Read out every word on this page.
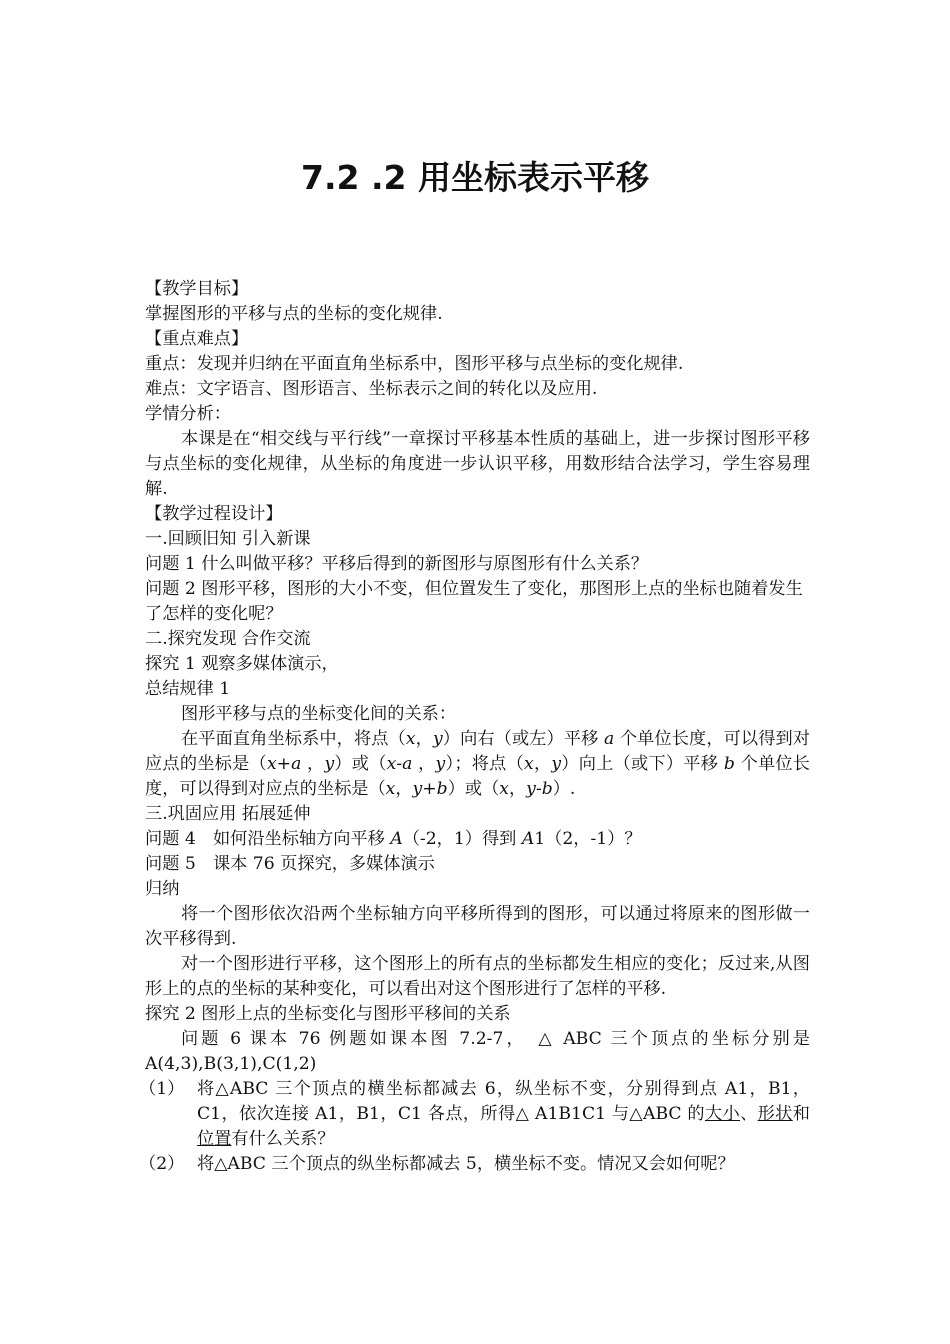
7.2 .2 用坐标表示平移

【教学目标】

掌握图形的平移与点的坐标的变化规律.

【重点难点】

重点：发现并归纳在平面直角坐标系中，图形平移与点坐标的变化规律.

难点：文字语言、图形语言、坐标表示之间的转化以及应用.

学情分析：

本课是在“相交线与平行线”一章探讨平移基本性质的基础上，进一步探讨图形平移与点坐标的变化规律，从坐标的角度进一步认识平移，用数形结合法学习，学生容易理解.

【教学过程设计】

一.回顾旧知 引入新课

问题 1 什么叫做平移？平移后得到的新图形与原图形有什么关系？

问题 2 图形平移，图形的大小不变，但位置发生了变化，那图形上点的坐标也随着发生了怎样的变化呢？

二.探究发现 合作交流

探究 1 观察多媒体演示，

总结规律 1

图形平移与点的坐标变化间的关系：

在平面直角坐标系中，将点（x，y）向右（或左）平移 a 个单位长度，可以得到对应点的坐标是（x+a ，y）或（x-a ，y）；将点（x，y）向上（或下）平移 b 个单位长度，可以得到对应点的坐标是（x，y+b）或（x，y-b）.

三.巩固应用 拓展延伸

问题 4　如何沿坐标轴方向平移 A（-2，1）得到 A1（2，-1）？

问题 5　课本 76 页探究，多媒体演示

归纳

将一个图形依次沿两个坐标轴方向平移所得到的图形，可以通过将原来的图形做一次平移得到.

对一个图形进行平移，这个图形上的所有点的坐标都发生相应的变化；反过来,从图形上的点的坐标的某种变化，可以看出对这个图形进行了怎样的平移.

探究 2 图形上点的坐标变化与图形平移间的关系

问题 6 课本 76 例题如课本图 7.2-7，　△ ABC 三个顶点的坐标分别是A(4,3),B(3,1),C(1,2)

（1） 将△ABC 三个顶点的横坐标都减去 6，纵坐标不变，分别得到点 A1，B1，C1，依次连接 A1，B1，C1 各点，所得△ A1B1C1 与△ABC 的大小、形状和位置有什么关系？
（2） 将△ABC 三个顶点的纵坐标都减去 5，横坐标不变。情况又会如何呢？
